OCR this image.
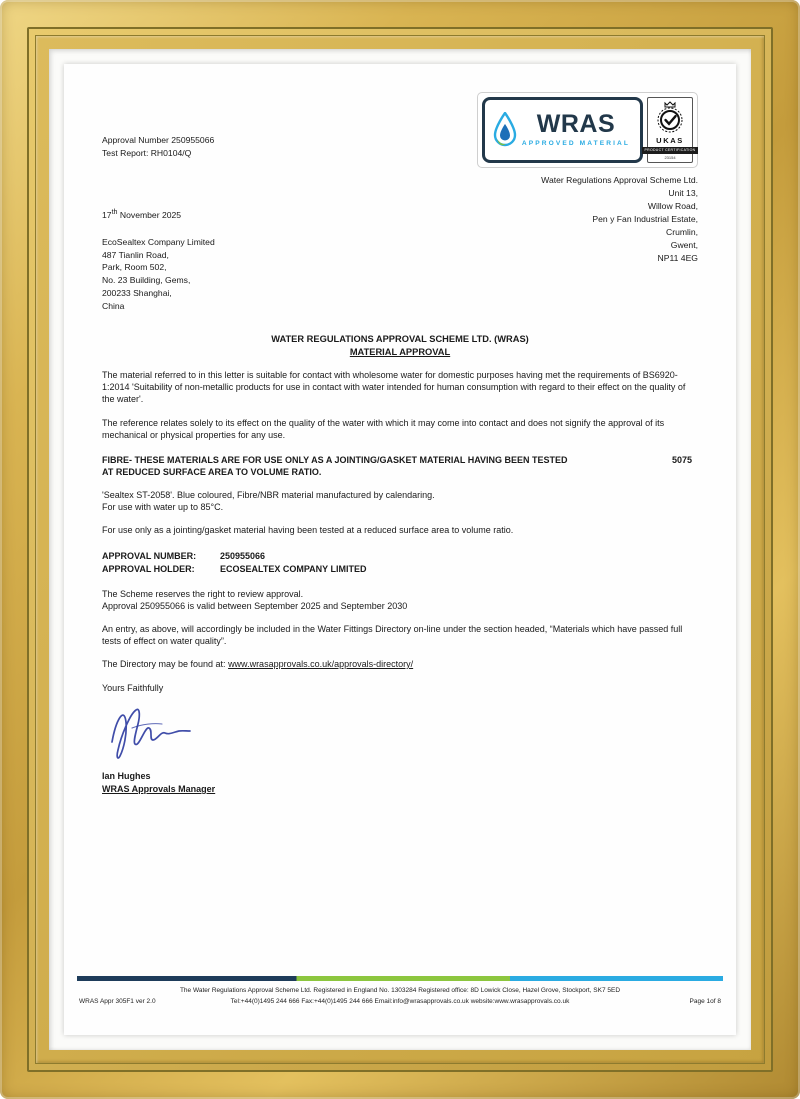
Approval Number 250955066
Test Report: RH0104/Q
WRAS
APPROVED MATERIAL	UKAS
PRODUCT CERTIFICATION
23154
17th November 2025
EcoSealtex Company Limited
487 Tianlin Road,
Park, Room 502,
No. 23 Building, Gems,
200233 Shanghai,
China
Water Regulations Approval Scheme Ltd.
Unit 13,
Willow Road,
Pen y Fan Industrial Estate,
Crumlin,
Gwent,
NP11 4EG
WATER REGULATIONS APPROVAL SCHEME LTD. (WRAS)
MATERIAL APPROVAL
The material referred to in this letter is suitable for contact with wholesome water for domestic purposes having met the requirements of BS6920-1:2014 'Suitability of non-metallic products for use in contact with water intended for human consumption with regard to their effect on the quality of the water'.
The reference relates solely to its effect on the quality of the water with which it may come into contact and does not signify the approval of its mechanical or physical properties for any use.
FIBRE- THESE MATERIALS ARE FOR USE ONLY AS A JOINTING/GASKET MATERIAL HAVING BEEN TESTED AT REDUCED SURFACE AREA TO VOLUME RATIO.
5075
'Sealtex ST-2058'. Blue coloured, Fibre/NBR material manufactured by calendaring.
For use with water up to 85°C.
For use only as a jointing/gasket material having been tested at a reduced surface area to volume ratio.
APPROVAL NUMBER:	250955066
APPROVAL HOLDER:	ECOSEALTEX COMPANY LIMITED
The Scheme reserves the right to review approval.
Approval 250955066 is valid between September 2025 and September 2030
An entry, as above, will accordingly be included in the Water Fittings Directory on-line under the section headed, “Materials which have passed full tests of effect on water quality”.
The Directory may be found at: www.wrasapprovals.co.uk/approvals-directory/
Yours Faithfully
Ian Hughes
WRAS Approvals Manager
The Water Regulations Approval Scheme Ltd. Registered in England No. 1303284 Registered office: 8D Lowick Close, Hazel Grove, Stockport, SK7 5ED
Tel:+44(0)1495 244 666 Fax:+44(0)1495 244 666 Email:info@wrasapprovals.co.uk website:www.wrasapprovals.co.uk
WRAS Appr 305F1 ver 2.0	Page 1of 8
